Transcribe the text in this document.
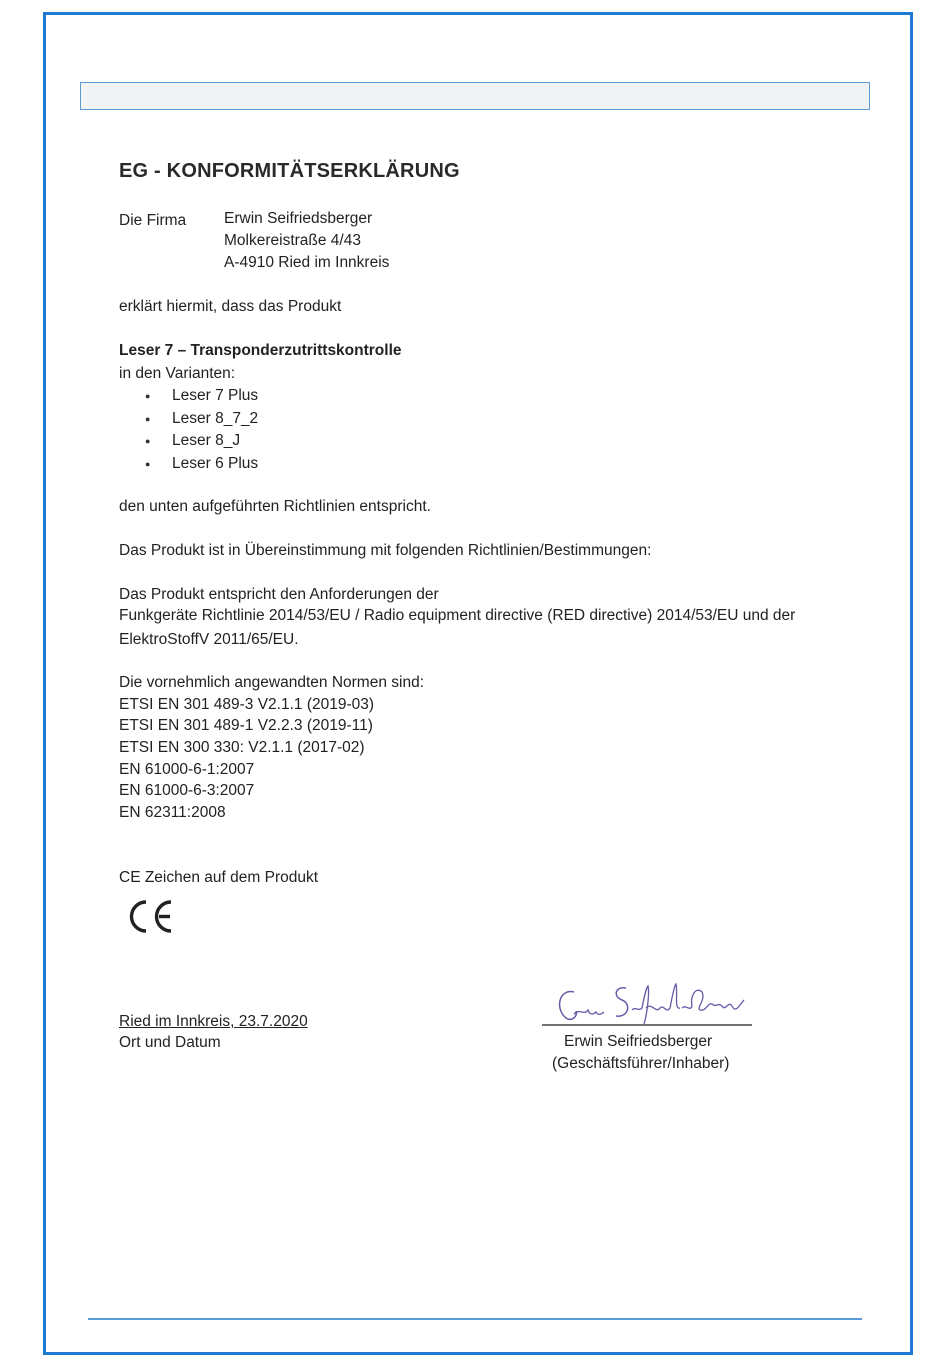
EG - KONFORMITÄTSERKLÄRUNG
Die Firma Erwin Seifriedsberger
Molkereistraße 4/43
A-4910 Ried im Innkreis
erklärt hiermit, dass das Produkt
Leser 7 – Transponderzutrittskontrolle
in den Varianten:
● Leser 7 Plus
● Leser 8_7_2
● Leser 8_J
● Leser 6 Plus
den unten aufgeführten Richtlinien entspricht.
Das Produkt ist in Übereinstimmung mit folgenden Richtlinien/Bestimmungen:
Das Produkt entspricht den Anforderungen der
Funkgeräte Richtlinie 2014/53/EU / Radio equipment directive (RED directive) 2014/53/EU und der
ElektroStoffV 2011/65/EU.
Die vornehmlich angewandten Normen sind:
ETSI EN 301 489-3 V2.1.1 (2019-03)
ETSI EN 301 489-1 V2.2.3 (2019-11)
ETSI EN 300 330: V2.1.1 (2017-02)
EN 61000-6-1:2007
EN 61000-6-3:2007
EN 62311:2008
CE Zeichen auf dem Produkt
Ried im Innkreis, 23.7.2020
Ort und Datum	Erwin Seifriedsberger
(Geschäftsführer/Inhaber)
